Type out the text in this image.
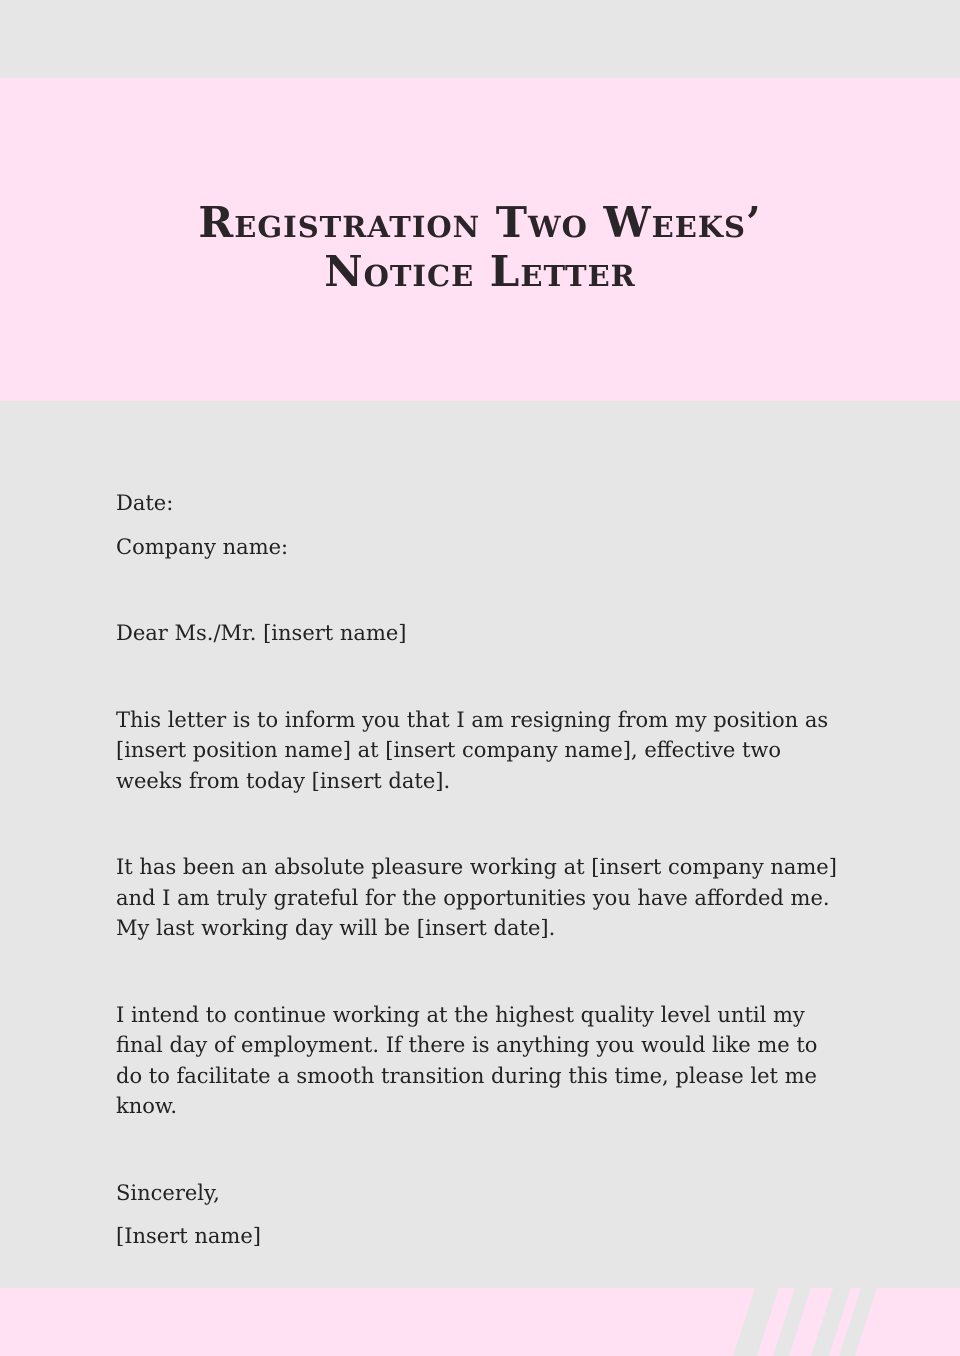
Registration Two Weeks’
Notice Letter

Date:

Company name:

Dear Ms./Mr. [insert name]

This letter is to inform you that I am resigning from my position as [insert position name] at [insert company name], effective two weeks from today [insert date].

It has been an absolute pleasure working at [insert company name] and I am truly grateful for the opportunities you have afforded me. My last working day will be [insert date].

I intend to continue working at the highest quality level until my final day of employment. If there is anything you would like me to do to facilitate a smooth transition during this time, please let me know.

Sincerely,

[Insert name]
